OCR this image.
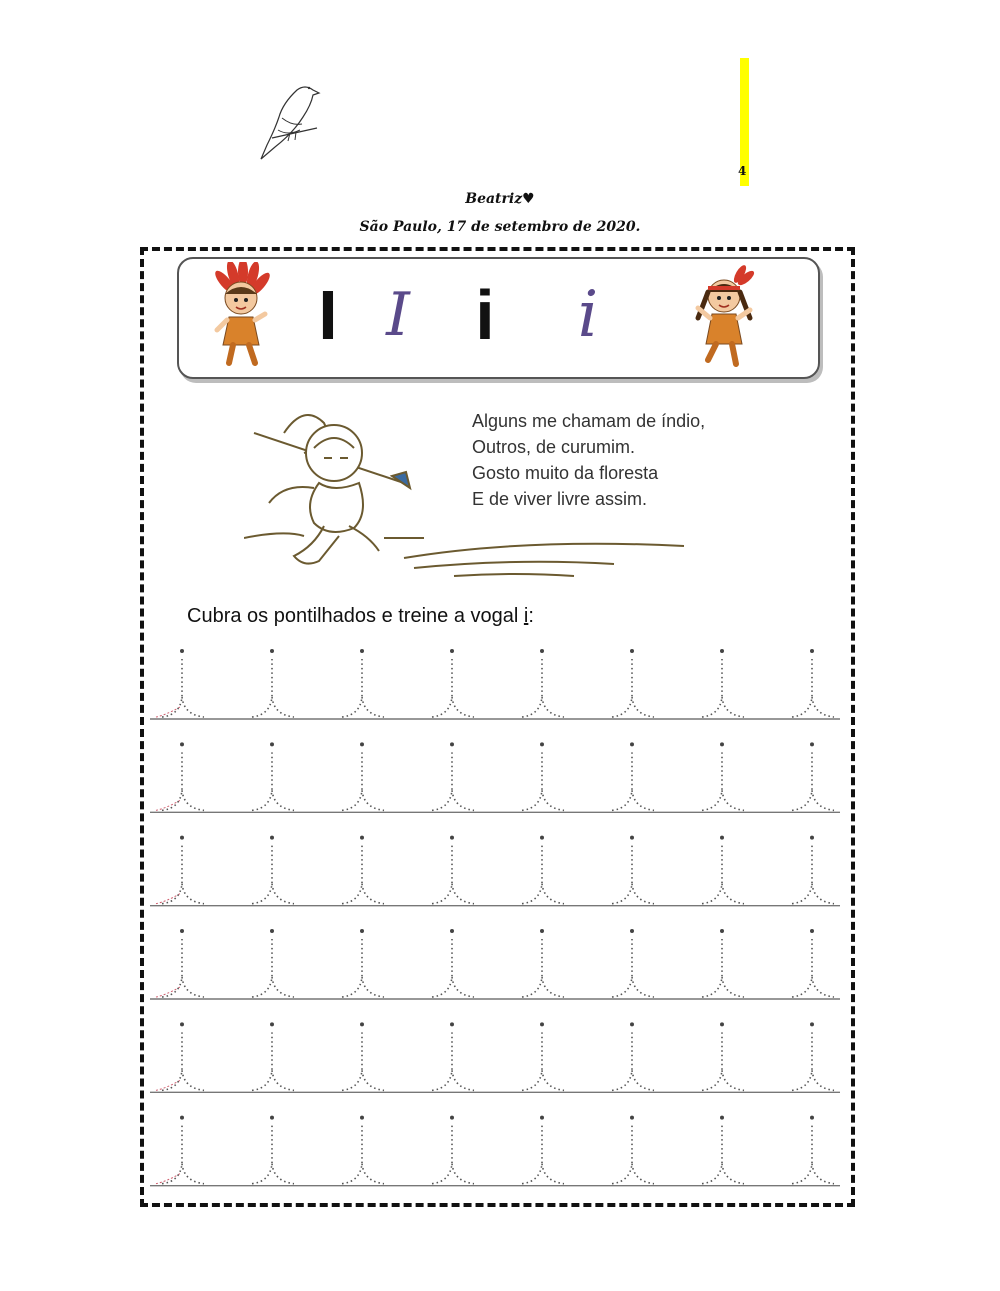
4
Beatriz♥
São Paulo, 17 de setembro de 2020.
I I i	i
Alguns me chamam de índio,
Outros, de curumim.
Gosto muito da floresta
E de viver livre assim.
Cubra os pontilhados e treine a vogal i:
